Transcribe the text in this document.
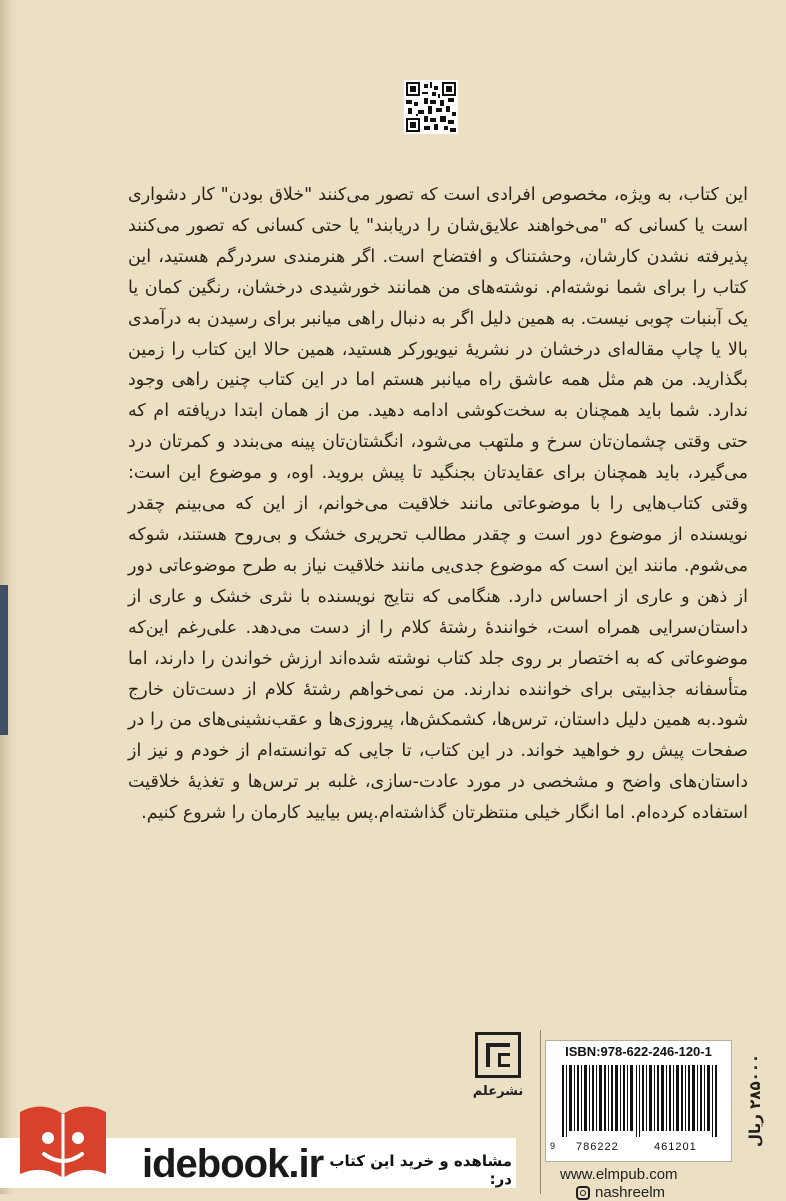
این کتاب، به ویژه، مخصوص افرادی است که تصور می‌کنند "خلاق بودن" کار دشواری است یا کسانی که "می‌خواهند علایق‌شان را دریابند" یا حتی کسانی که تصور می‌کنند پذیرفته نشدن کارشان، وحشتناک و افتضاح است. اگر هنرمندی سردرگم هستید، این کتاب را برای شما نوشته‌ام. نوشته‌های من همانند خورشیدی درخشان، رنگین کمان یا یک آبنبات چوبی نیست. به همین دلیل اگر به دنبال راهی میانبر برای رسیدن به درآمدی بالا یا چاپ مقاله‌ای درخشان در نشریهٔ نیویورکر هستید، همین حالا این کتاب را زمین بگذارید. من هم مثل همه عاشق راه میانبر هستم اما در این کتاب چنین راهی وجود ندارد. شما باید همچنان به سخت‌کوشی ادامه دهید. من از همان ابتدا دریافته ام که حتی وقتی چشمان‌تان سرخ و ملتهب می‌شود، انگشتان‌تان پینه می‌بندد و کمرتان درد می‌گیرد، باید همچنان برای عقایدتان بجنگید تا پیش بروید. اوه، و موضوع این است: وقتی کتاب‌هایی را با موضوعاتی مانند خلاقیت می‌خوانم، از این که می‌بینم چقدر نویسنده از موضوع دور است و چقدر مطالب تحریری خشک و بی‌روح هستند، شوکه می‌شوم. مانند این است که موضوع جدی‌یی مانند خلاقیت نیاز به طرح موضوعاتی دور از ذهن و عاری از احساس دارد. هنگامی که نتایج نویسنده با نثری خشک و عاری از داستان‌سرایی همراه است، خوانندهٔ رشتهٔ کلام را از دست می‌دهد. علی‌رغم این‌که موضوعاتی که به اختصار بر روی جلد کتاب نوشته شده‌اند ارزش خواندن را دارند، اما متأسفانه جذابیتی برای خواننده ندارند. من نمی‌خواهم رشتهٔ کلام از دست‌تان خارج شود.به همین دلیل داستان، ترس‌ها، کشمکش‌ها، پیروزی‌ها و عقب‌نشینی‌های من را در صفحات پیش رو خواهید خواند. در این کتاب، تا جایی که توانسته‌ام از خودم و نیز از داستان‌های واضح و مشخصی در مورد عادت-سازی، غلبه بر ترس‌ها و تغذیهٔ خلاقیت استفاده کرده‌ام. اما انگار خیلی منتظرتان گذاشته‌ام.پس بیایید کارمان را شروع کنیم.

نشرعلم
ISBN:978-622-246-120-1
9 786222	461201
۲۸۵۰۰۰ ریال
مشاهده و خرید این کتاب در:
idebook.ir	www.elmpub.com
nashreelm
